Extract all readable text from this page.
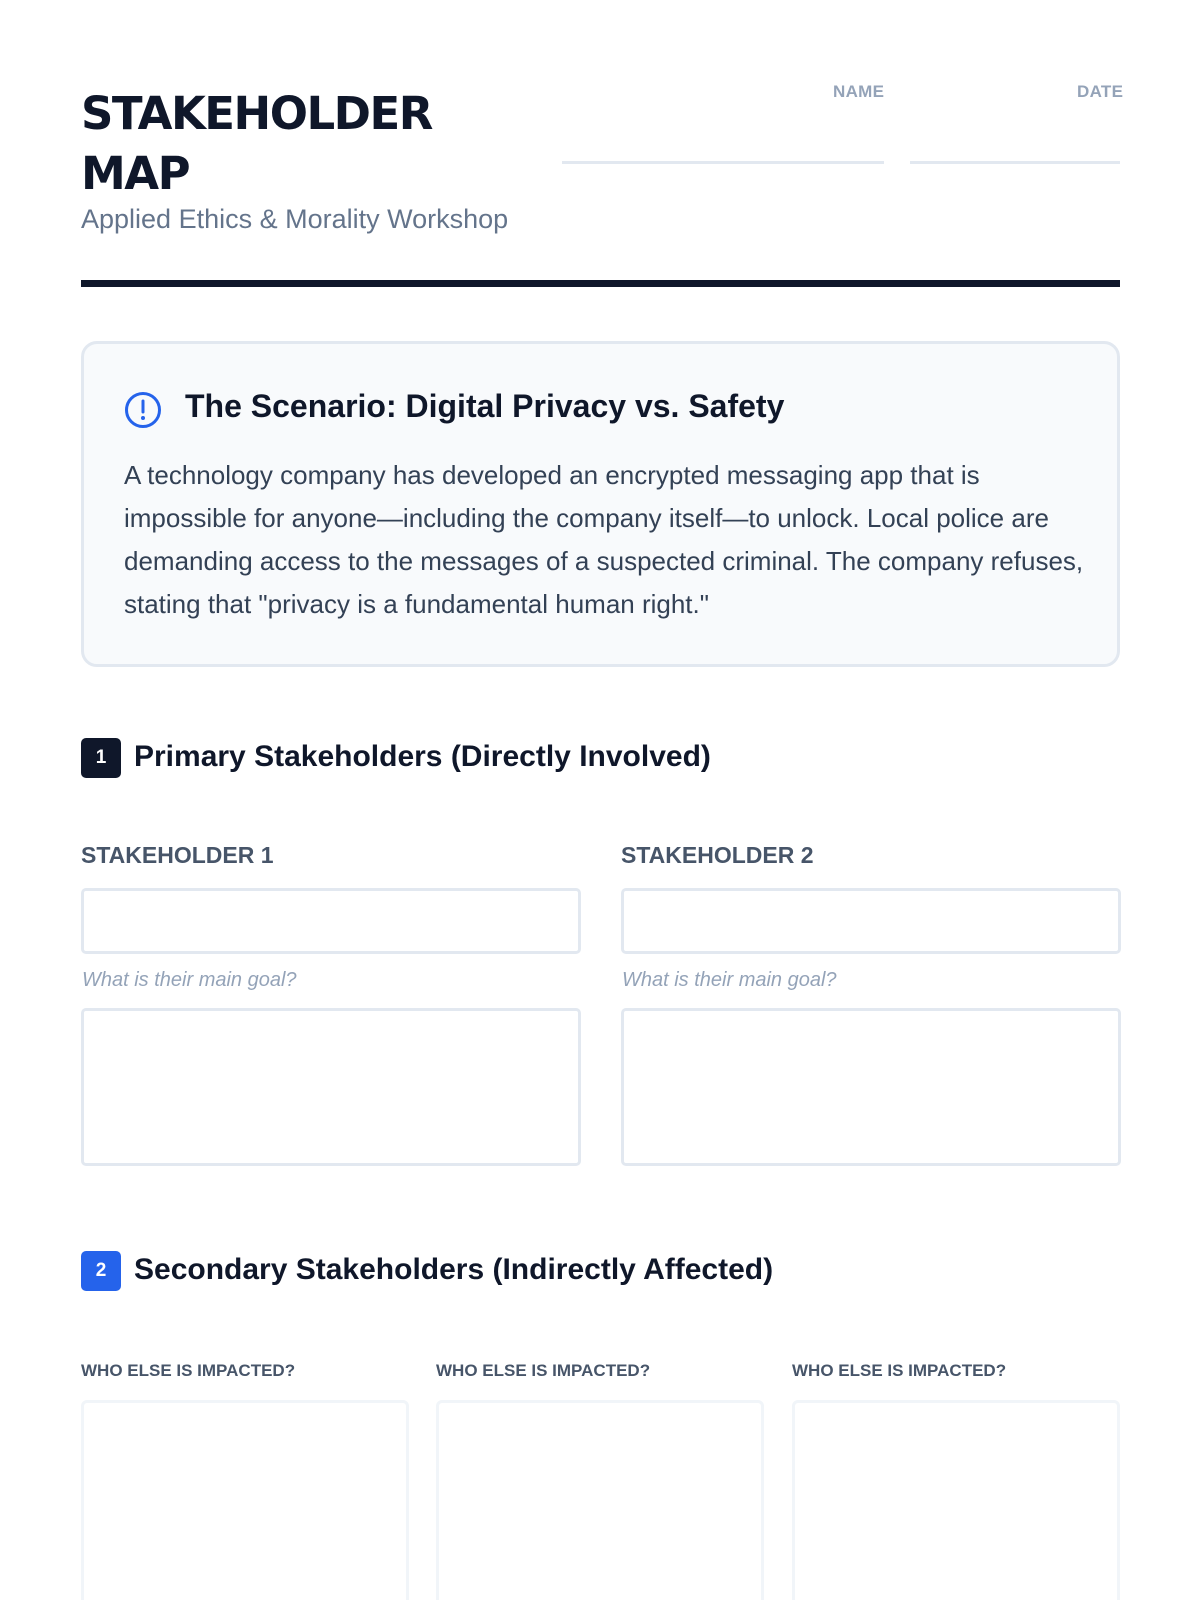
STAKEHOLDER
MAP
Applied Ethics & Morality Workshop
NAME	DATE
The Scenario: Digital Privacy vs. Safety
A technology company has developed an encrypted messaging app that is impossible for anyone—including the company itself—to unlock. Local police are demanding access to the messages of a suspected criminal. The company refuses, stating that "privacy is a fundamental human right."
1 Primary Stakeholders (Directly Involved)
STAKEHOLDER 1
What is their main goal?
STAKEHOLDER 2
What is their main goal?
2 Secondary Stakeholders (Indirectly Affected)
WHO ELSE IS IMPACTED?	WHO ELSE IS IMPACTED?	WHO ELSE IS IMPACTED?
